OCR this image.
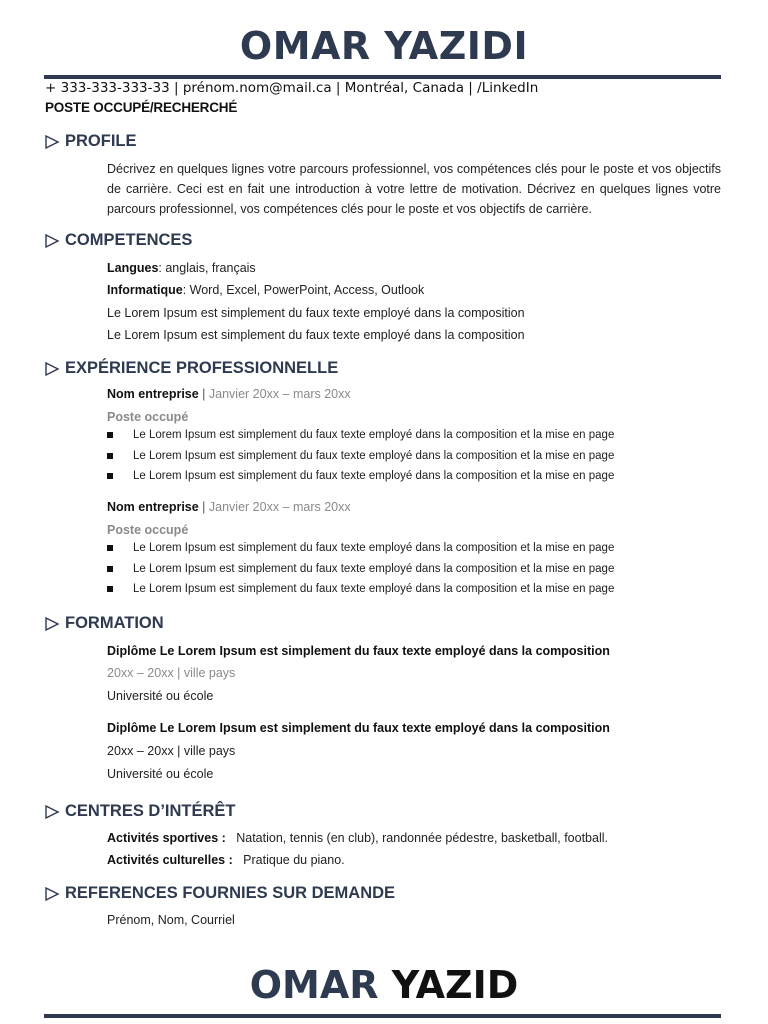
OMAR YAZIDI
+ 333-333-333-33 | prénom.nom@mail.ca | Montréal, Canada | /LinkedIn
POSTE OCCUPÉ/RECHERCHÉ
PROFILE
Décrivez en quelques lignes votre parcours professionnel, vos compétences clés pour le poste et vos objectifs de carrière. Ceci est en fait une introduction à votre lettre de motivation. Décrivez en quelques lignes votre parcours professionnel, vos compétences clés pour le poste et vos objectifs de carrière.
COMPETENCES
Langues: anglais, français
Informatique: Word, Excel, PowerPoint, Access, Outlook
Le Lorem Ipsum est simplement du faux texte employé dans la composition
Le Lorem Ipsum est simplement du faux texte employé dans la composition
EXPÉRIENCE PROFESSIONNELLE
Nom entreprise | Janvier 20xx – mars 20xx
Poste occupé
Le Lorem Ipsum est simplement du faux texte employé dans la composition et la mise en page
Le Lorem Ipsum est simplement du faux texte employé dans la composition et la mise en page
Le Lorem Ipsum est simplement du faux texte employé dans la composition et la mise en page
Nom entreprise | Janvier 20xx – mars 20xx
Poste occupé
Le Lorem Ipsum est simplement du faux texte employé dans la composition et la mise en page
Le Lorem Ipsum est simplement du faux texte employé dans la composition et la mise en page
Le Lorem Ipsum est simplement du faux texte employé dans la composition et la mise en page
FORMATION
Diplôme Le Lorem Ipsum est simplement du faux texte employé dans la composition
20xx – 20xx | ville pays
Université ou école
Diplôme Le Lorem Ipsum est simplement du faux texte employé dans la composition
20xx – 20xx | ville pays
Université ou école
CENTRES D’INTÉRÊT
Activités sportives : Natation, tennis (en club), randonnée pédestre, basketball, football.
Activités culturelles : Pratique du piano.
REFERENCES FOURNIES SUR DEMANDE
Prénom, Nom, Courriel
OMAR YAZID
